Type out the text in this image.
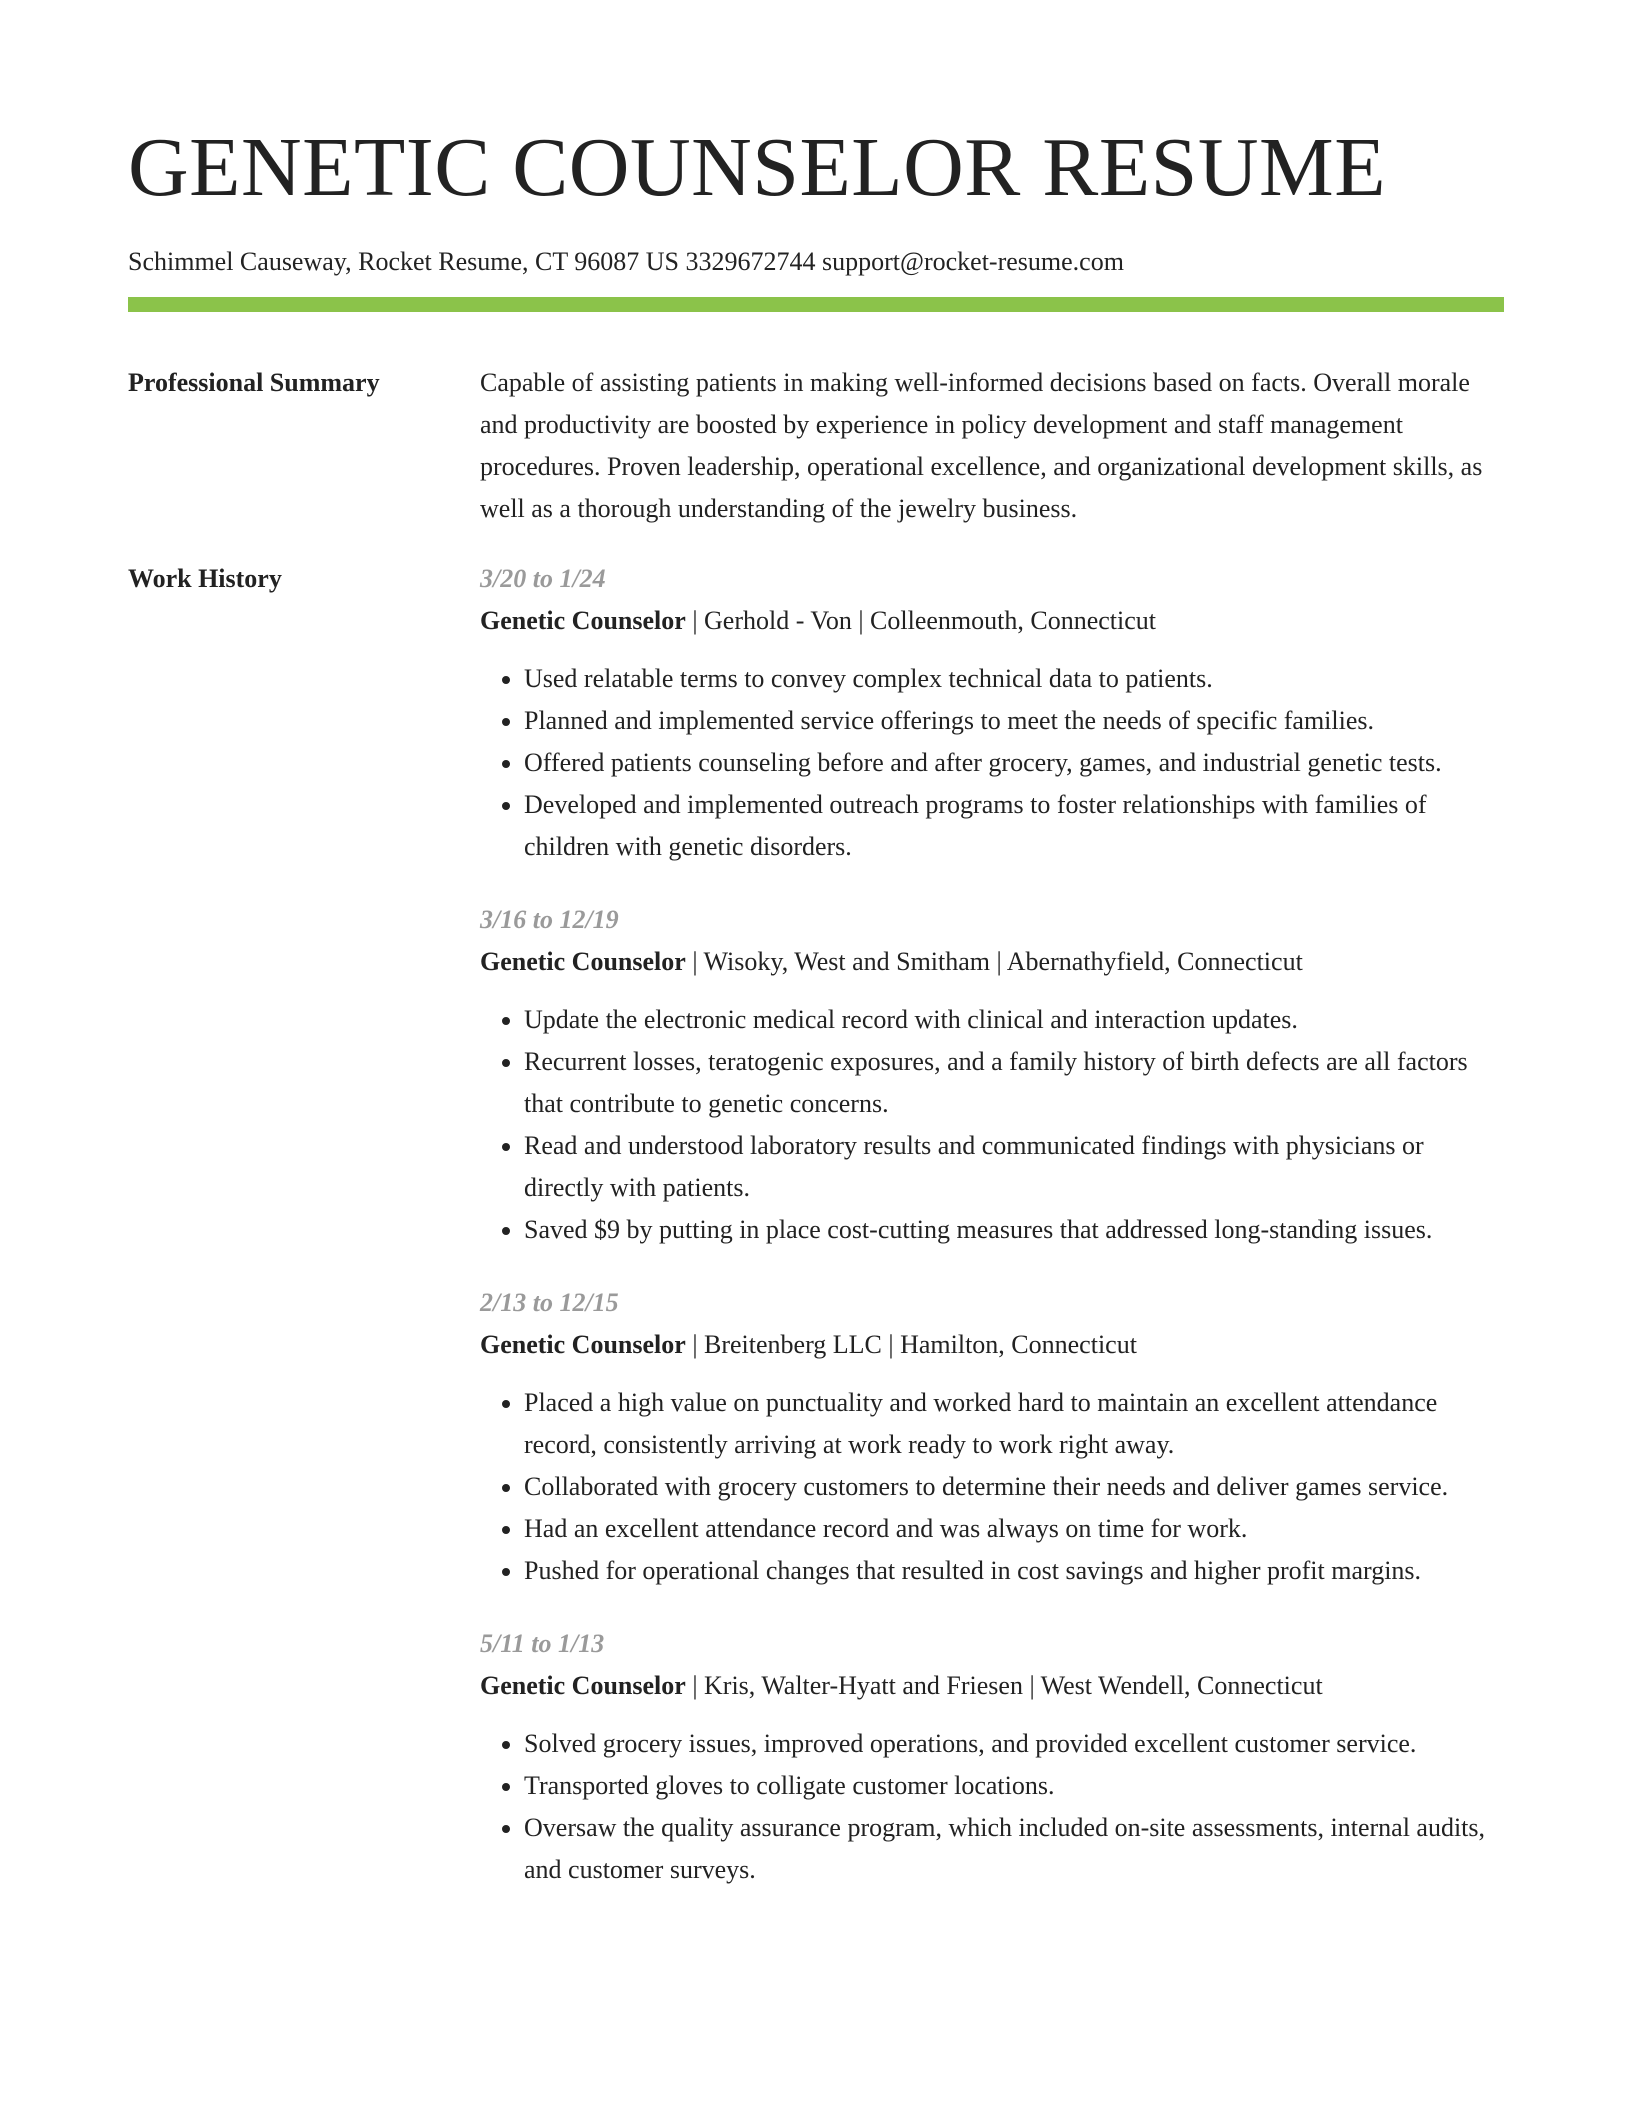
GENETIC COUNSELOR RESUME
Schimmel Causeway, Rocket Resume, CT 96087 US 3329672744 support@rocket-resume.com
Professional Summary	Capable of assisting patients in making well-informed decisions based on facts. Overall morale and productivity are boosted by experience in policy development and staff management procedures. Proven leadership, operational excellence, and organizational development skills, as well as a thorough understanding of the jewelry business.
Work History	3/20 to 1/24
Genetic Counselor | Gerhold - Von | Colleenmouth, Connecticut
• Used relatable terms to convey complex technical data to patients.
• Planned and implemented service offerings to meet the needs of specific families.
• Offered patients counseling before and after grocery, games, and industrial genetic tests.
• Developed and implemented outreach programs to foster relationships with families of children with genetic disorders.
3/16 to 12/19
Genetic Counselor | Wisoky, West and Smitham | Abernathyfield, Connecticut
• Update the electronic medical record with clinical and interaction updates.
• Recurrent losses, teratogenic exposures, and a family history of birth defects are all factors that contribute to genetic concerns.
• Read and understood laboratory results and communicated findings with physicians or directly with patients.
• Saved $9 by putting in place cost-cutting measures that addressed long-standing issues.
2/13 to 12/15
Genetic Counselor | Breitenberg LLC | Hamilton, Connecticut
• Placed a high value on punctuality and worked hard to maintain an excellent attendance record, consistently arriving at work ready to work right away.
• Collaborated with grocery customers to determine their needs and deliver games service.
• Had an excellent attendance record and was always on time for work.
• Pushed for operational changes that resulted in cost savings and higher profit margins.
5/11 to 1/13
Genetic Counselor | Kris, Walter-Hyatt and Friesen | West Wendell, Connecticut
• Solved grocery issues, improved operations, and provided excellent customer service.
• Transported gloves to colligate customer locations.
• Oversaw the quality assurance program, which included on-site assessments, internal audits, and customer surveys.
